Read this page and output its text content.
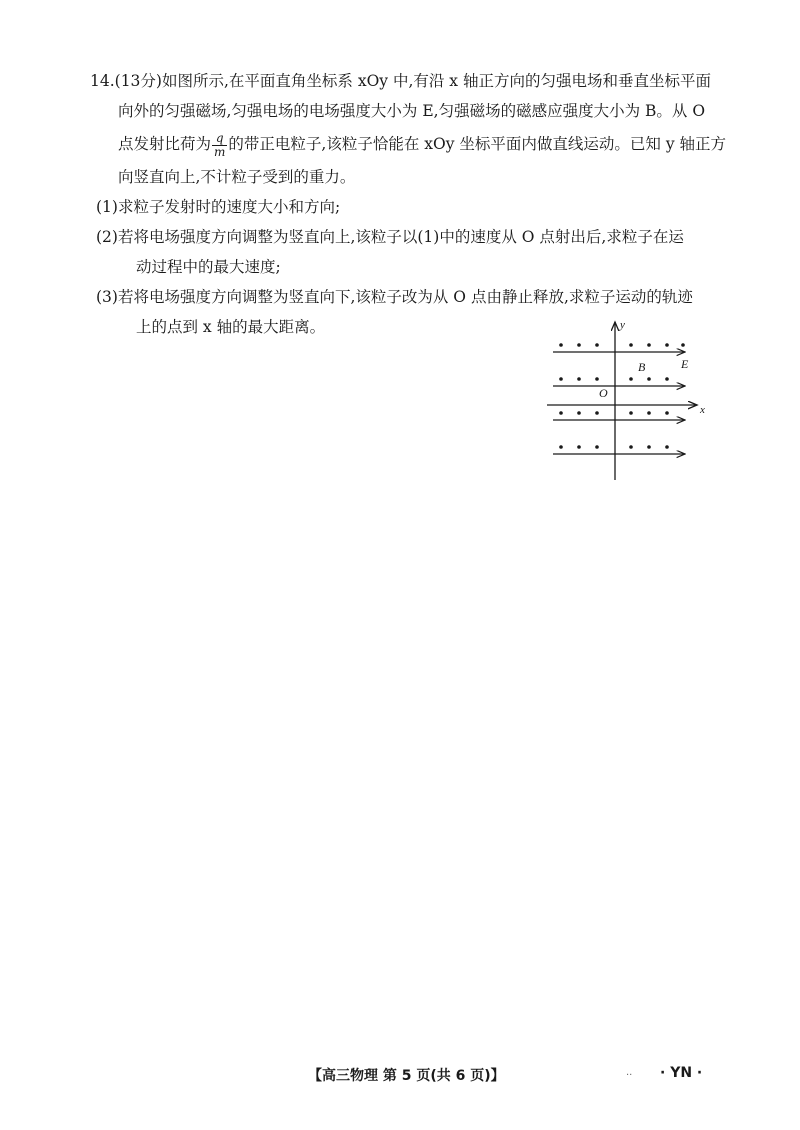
14.(13分)如图所示,在平面直角坐标系 xOy 中,有沿 x 轴正方向的匀强电场和垂直坐标平面
向外的匀强磁场,匀强电场的电场强度大小为 E,匀强磁场的磁感应强度大小为 B。从 O
点发射比荷为 $\frac{q}{m}$ 的带正电粒子,该粒子恰能在 xOy 坐标平面内做直线运动。已知 y 轴正方
向竖直向上,不计粒子受到的重力。
(1)求粒子发射时的速度大小和方向;
(2)若将电场强度方向调整为竖直向上,该粒子以(1)中的速度从 O 点射出后,求粒子在运
动过程中的最大速度;
(3)若将电场强度方向调整为竖直向下,该粒子改为从 O 点由静止释放,求粒子运动的轨迹
上的点到 x 轴的最大距离。	y
x
O
B	E
【高三物理 第 5 页(共 6 页)】	.. · YN ·
